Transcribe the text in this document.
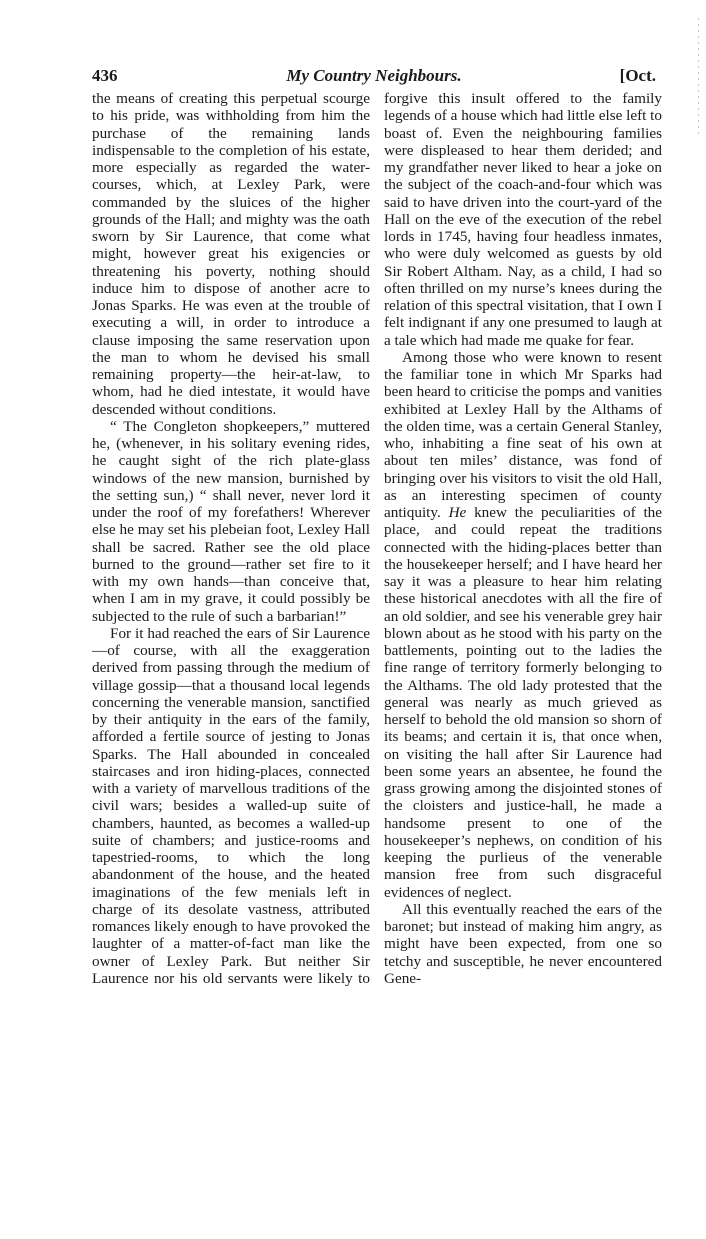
436	My Country Neighbours.	[Oct.

the means of creating this perpetual scourge to his pride, was withholding from him the purchase of the remaining lands indispensable to the completion of his estate, more especially as regarded the water-courses, which, at Lexley Park, were commanded by the sluices of the higher grounds of the Hall; and mighty was the oath sworn by Sir Laurence, that come what might, however great his exigencies or threatening his poverty, nothing should induce him to dispose of another acre to Jonas Sparks. He was even at the trouble of executing a will, in order to introduce a clause imposing the same reservation upon the man to whom he devised his small remaining property—the heir-at-law, to whom, had he died intestate, it would have descended without conditions.

“ The Congleton shopkeepers,” muttered he, (whenever, in his solitary evening rides, he caught sight of the rich plate-glass windows of the new mansion, burnished by the setting sun,) “ shall never, never lord it under the roof of my forefathers! Wherever else he may set his plebeian foot, Lexley Hall shall be sacred. Rather see the old place burned to the ground—rather set fire to it with my own hands—than conceive that, when I am in my grave, it could possibly be subjected to the rule of such a barbarian!”

For it had reached the ears of Sir Laurence—of course, with all the exaggeration derived from passing through the medium of village gossip—that a thousand local legends concerning the venerable mansion, sanctified by their antiquity in the ears of the family, afforded a fertile source of jesting to Jonas Sparks. The Hall abounded in concealed staircases and iron hiding-places, connected with a variety of marvellous traditions of the civil wars; besides a walled-up suite of chambers, haunted, as becomes a walled-up suite of chambers; and justice-rooms and tapestried-rooms, to which the long abandonment of the house, and the heated imaginations of the few menials left in charge of its desolate vastness, attributed romances likely enough to have provoked the laughter of a matter-of-fact man like the owner of Lexley Park. But neither Sir Laurence nor his old servants were likely to

forgive this insult offered to the family legends of a house which had little else left to boast of. Even the neighbouring families were displeased to hear them derided; and my grandfather never liked to hear a joke on the subject of the coach-and-four which was said to have driven into the court-yard of the Hall on the eve of the execution of the rebel lords in 1745, having four headless inmates, who were duly welcomed as guests by old Sir Robert Altham. Nay, as a child, I had so often thrilled on my nurse’s knees during the relation of this spectral visitation, that I own I felt indignant if any one presumed to laugh at a tale which had made me quake for fear.

Among those who were known to resent the familiar tone in which Mr Sparks had been heard to criticise the pomps and vanities exhibited at Lexley Hall by the Althams of the olden time, was a certain General Stanley, who, inhabiting a fine seat of his own at about ten miles’ distance, was fond of bringing over his visitors to visit the old Hall, as an interesting specimen of county antiquity. He knew the peculiarities of the place, and could repeat the traditions connected with the hiding-places better than the housekeeper herself; and I have heard her say it was a pleasure to hear him relating these historical anecdotes with all the fire of an old soldier, and see his venerable grey hair blown about as he stood with his party on the battlements, pointing out to the ladies the fine range of territory formerly belonging to the Althams. The old lady protested that the general was nearly as much grieved as herself to behold the old mansion so shorn of its beams; and certain it is, that once when, on visiting the hall after Sir Laurence had been some years an absentee, he found the grass growing among the disjointed stones of the cloisters and justice-hall, he made a handsome present to one of the housekeeper’s nephews, on condition of his keeping the purlieus of the venerable mansion free from such disgraceful evidences of neglect.

All this eventually reached the ears of the baronet; but instead of making him angry, as might have been expected, from one so tetchy and susceptible, he never encountered Gene-
